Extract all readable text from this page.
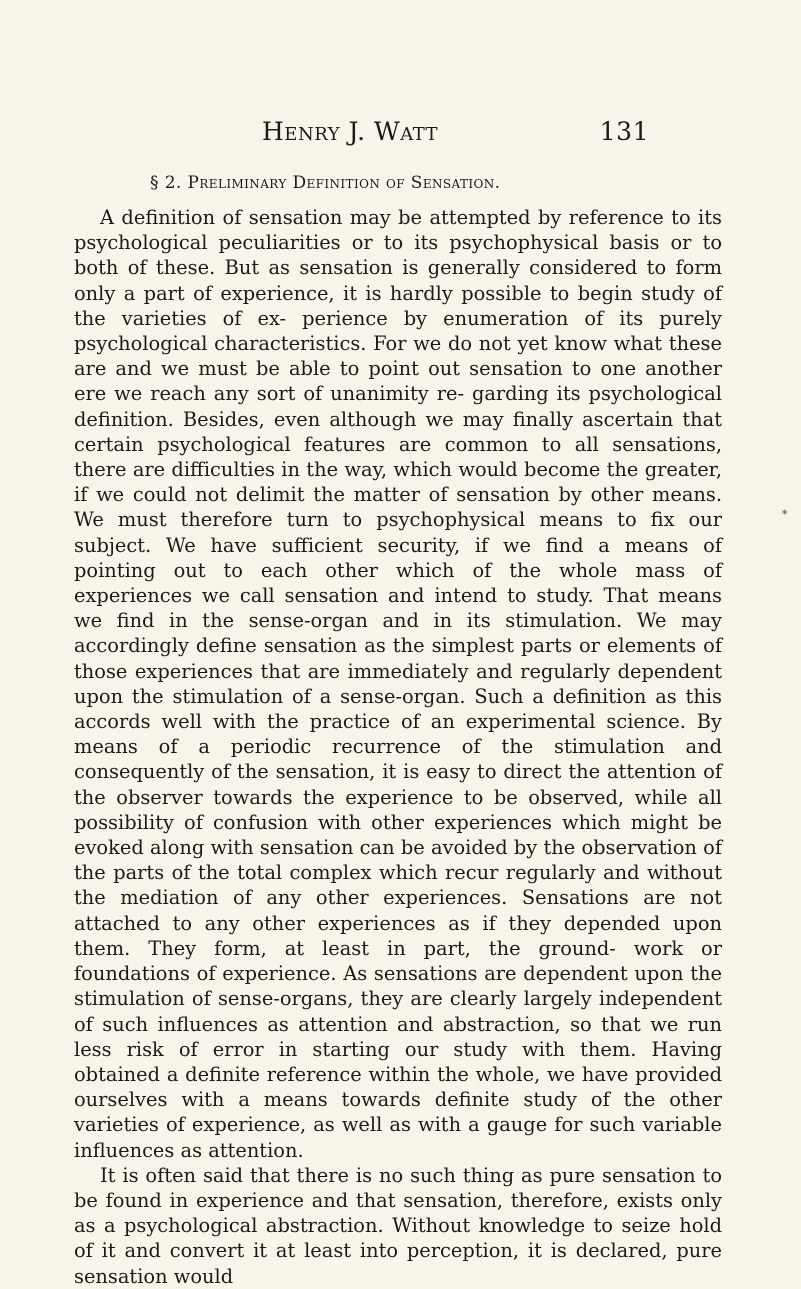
Henry J. Watt	131
§ 2. Preliminary Definition of Sensation.

A definition of sensation may be attempted by reference to its psychological peculiarities or to its psychophysical basis or to both of these. But as sensation is generally considered to form only a part of experience, it is hardly possible to begin study of the varieties of ex- perience by enumeration of its purely psychological characteristics. For we do not yet know what these are and we must be able to point out sensation to one another ere we reach any sort of unanimity re- garding its psychological definition. Besides, even although we may finally ascertain that certain psychological features are common to all sensations, there are difficulties in the way, which would become the greater, if we could not delimit the matter of sensation by other means. We must therefore turn to psychophysical means to fix our subject. We have sufficient security, if we find a means of pointing out to each other which of the whole mass of experiences we call sensation and intend to study. That means we find in the sense-organ and in its stimulation. We may accordingly define sensation as the simplest parts or elements of those experiences that are immediately and regularly dependent upon the stimulation of a sense-organ. Such a definition as this accords well with the practice of an experimental science. By means of a periodic recurrence of the stimulation and consequently of the sensation, it is easy to direct the attention of the observer towards the experience to be observed, while all possibility of confusion with other experiences which might be evoked along with sensation can be avoided by the observation of the parts of the total complex which recur regularly and without the mediation of any other experiences. Sensations are not attached to any other experiences as if they depended upon them. They form, at least in part, the ground- work or foundations of experience. As sensations are dependent upon the stimulation of sense-organs, they are clearly largely independent of such influences as attention and abstraction, so that we run less risk of error in starting our study with them. Having obtained a definite reference within the whole, we have provided ourselves with a means towards definite study of the other varieties of experience, as well as with a gauge for such variable influences as attention.

It is often said that there is no such thing as pure sensation to be found in experience and that sensation, therefore, exists only as a psychological abstraction. Without knowledge to seize hold of it and convert it at least into perception, it is declared, pure sensation would

*
